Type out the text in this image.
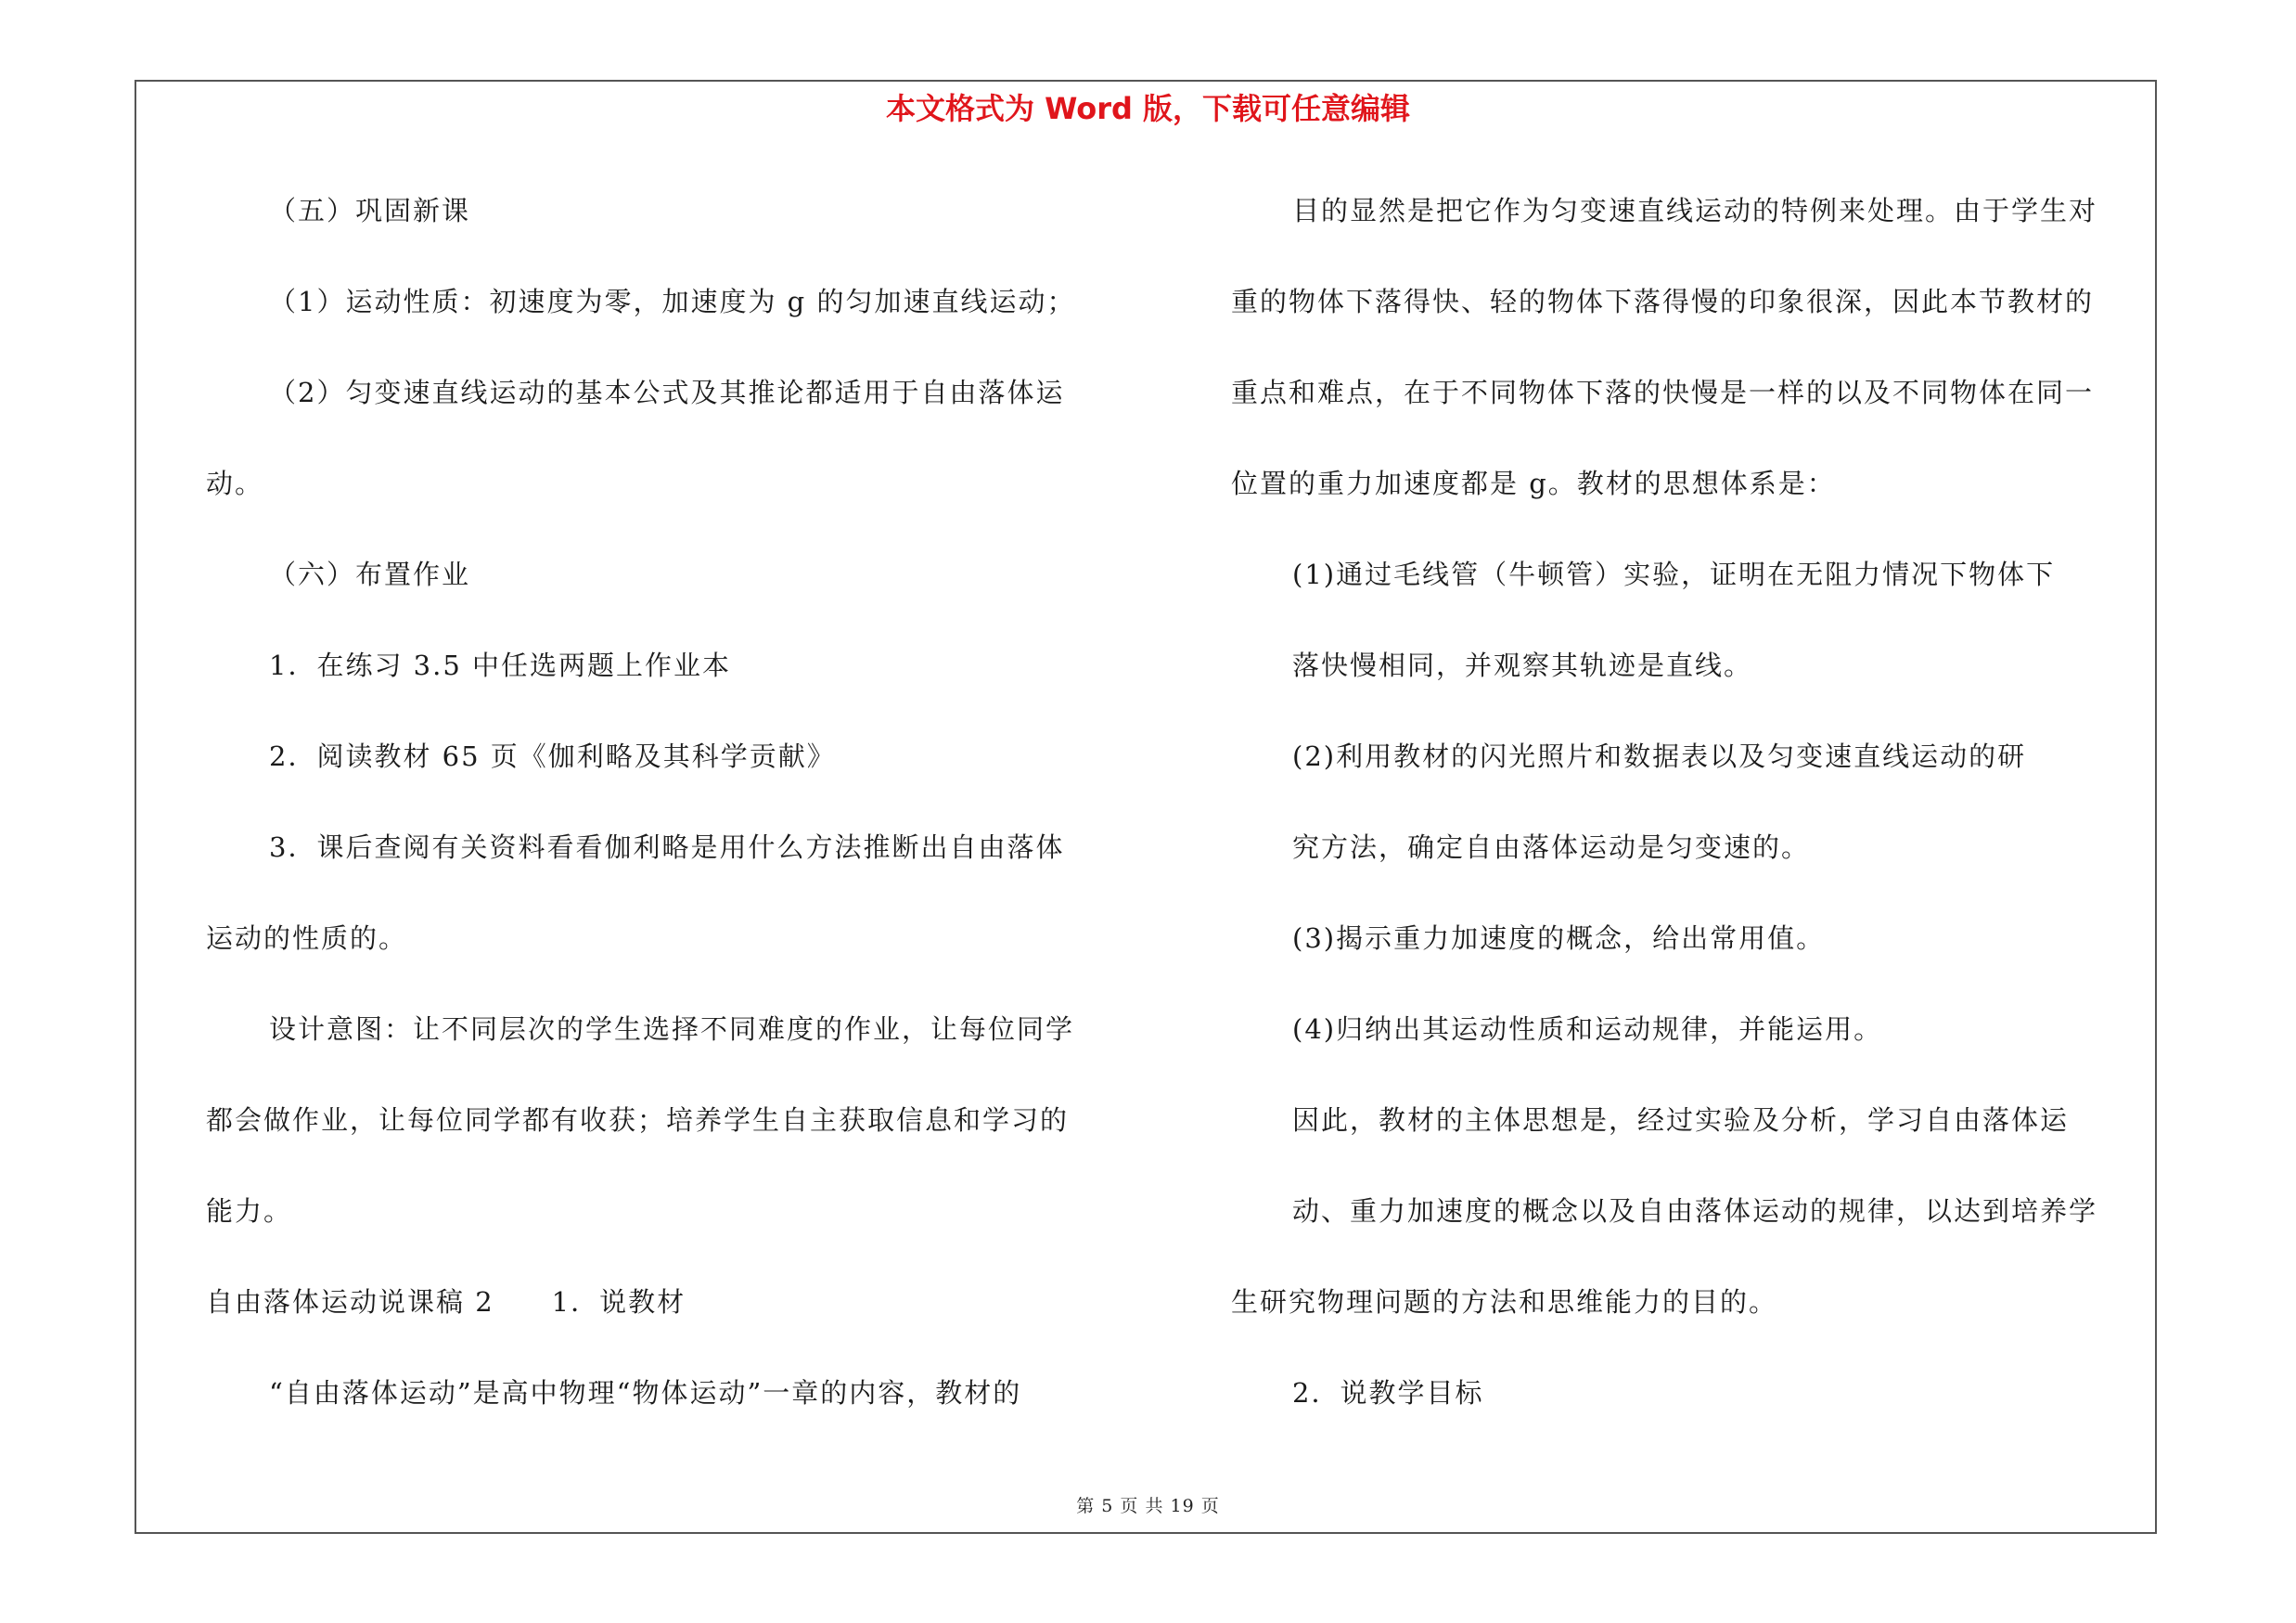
本文格式为 Word 版，下载可任意编辑
（五）巩固新课
（1）运动性质：初速度为零，加速度为 g 的匀加速直线运动；
（2）匀变速直线运动的基本公式及其推论都适用于自由落体运
动。
（六）布置作业
1．在练习 3.5 中任选两题上作业本
2．阅读教材 65 页《伽利略及其科学贡献》
3．课后查阅有关资料看看伽利略是用什么方法推断出自由落体
运动的性质的。
设计意图：让不同层次的学生选择不同难度的作业，让每位同学
都会做作业，让每位同学都有收获；培养学生自主获取信息和学习的
能力。
自由落体运动说课稿 2　　1．说教材
“自由落体运动”是高中物理“物体运动”一章的内容，教材的
目的显然是把它作为匀变速直线运动的特例来处理。由于学生对
重的物体下落得快、轻的物体下落得慢的印象很深，因此本节教材的
重点和难点，在于不同物体下落的快慢是一样的以及不同物体在同一
位置的重力加速度都是 g。教材的思想体系是：
(1)通过毛线管（牛顿管）实验，证明在无阻力情况下物体下
落快慢相同，并观察其轨迹是直线。
(2)利用教材的闪光照片和数据表以及匀变速直线运动的研
究方法，确定自由落体运动是匀变速的。
(3)揭示重力加速度的概念，给出常用值。
(4)归纳出其运动性质和运动规律，并能运用。
因此，教材的主体思想是，经过实验及分析，学习自由落体运
动、重力加速度的概念以及自由落体运动的规律，以达到培养学
生研究物理问题的方法和思维能力的目的。
2．说教学目标
第 5 页 共 19 页
